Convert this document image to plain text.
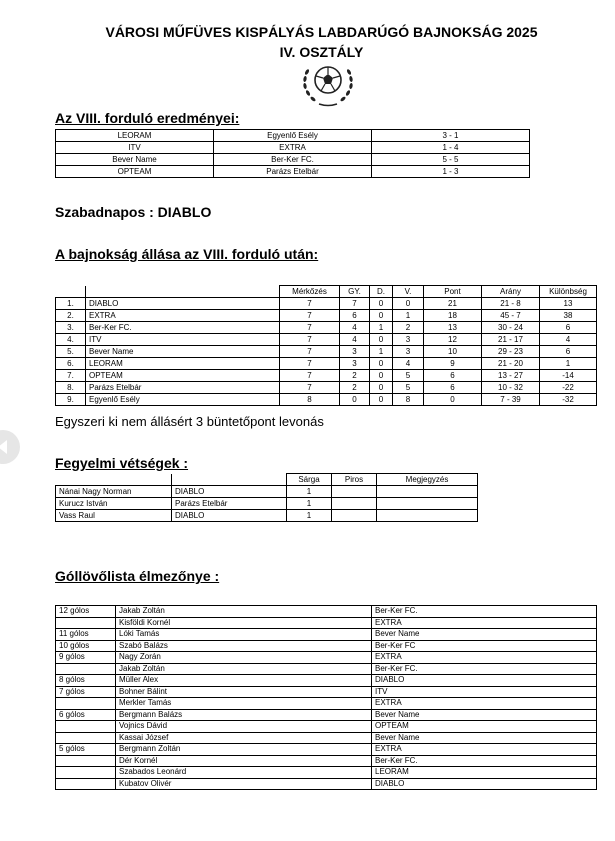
VÁROSI MŰFÜVES KISPÁLYÁS LABDARÚGÓ BAJNOKSÁG 2025
IV. OSZTÁLY
Az VIII. forduló eredményei:
LEORAM	Egyenlő Esély	3 - 1
ITV	EXTRA	1 - 4
Bever Name	Ber-Ker FC.	5 - 5
OPTEAM	Parázs Etelbár	1 - 3
Szabadnapos : DIABLO
A bajnokság állása az VIII. forduló után:
		Mérkőzés	GY.	D.	V.	Pont	Arány	Különbség
1.	DIABLO	7	7	0	0	21	21 - 8	13
2.	EXTRA	7	6	0	1	18	45 - 7	38
3.	Ber-Ker FC.	7	4	1	2	13	30 - 24	6
4.	ITV	7	4	0	3	12	21 - 17	4
5.	Bever Name	7	3	1	3	10	29 - 23	6
6.	LEORAM	7	3	0	4	9	21 - 20	1
7.	OPTEAM	7	2	0	5	6	13 - 27	-14
8.	Parázs Etelbár	7	2	0	5	6	10 - 32	-22
9.	Egyenlő Esély	8	0	0	8	0	7 - 39	-32
Egyszeri ki nem állásért 3 büntetőpont levonás
Fegyelmi vétségek :
		Sárga	Piros	Megjegyzés
Nánai Nagy Norman	DIABLO	1		
Kurucz István	Parázs Etelbár	1		
Vass Raul	DIABLO	1		
Góllövőlista élmezőnye :
12 gólos	Jakab Zoltán	Ber-Ker FC.
	Kisföldi Kornél	EXTRA
11 gólos	Lóki Tamás	Bever Name
10 gólos	Szabó Balázs	Ber-Ker FC
9 gólos	Nagy Zorán	EXTRA
	Jakab Zoltán	Ber-Ker FC.
8 gólos	Müller Alex	DIABLO
7 gólos	Bohner Bálint	ITV
	Merkler Tamás	EXTRA
6 gólos	Bergmann Balázs	Bever Name
	Vojnics Dávid	OPTEAM
	Kassai József	Bever Name
5 gólos	Bergmann Zoltán	EXTRA
	Dér Kornél	Ber-Ker FC.
	Szabados Leonárd	LEORAM
	Kubatov Olivér	DIABLO
